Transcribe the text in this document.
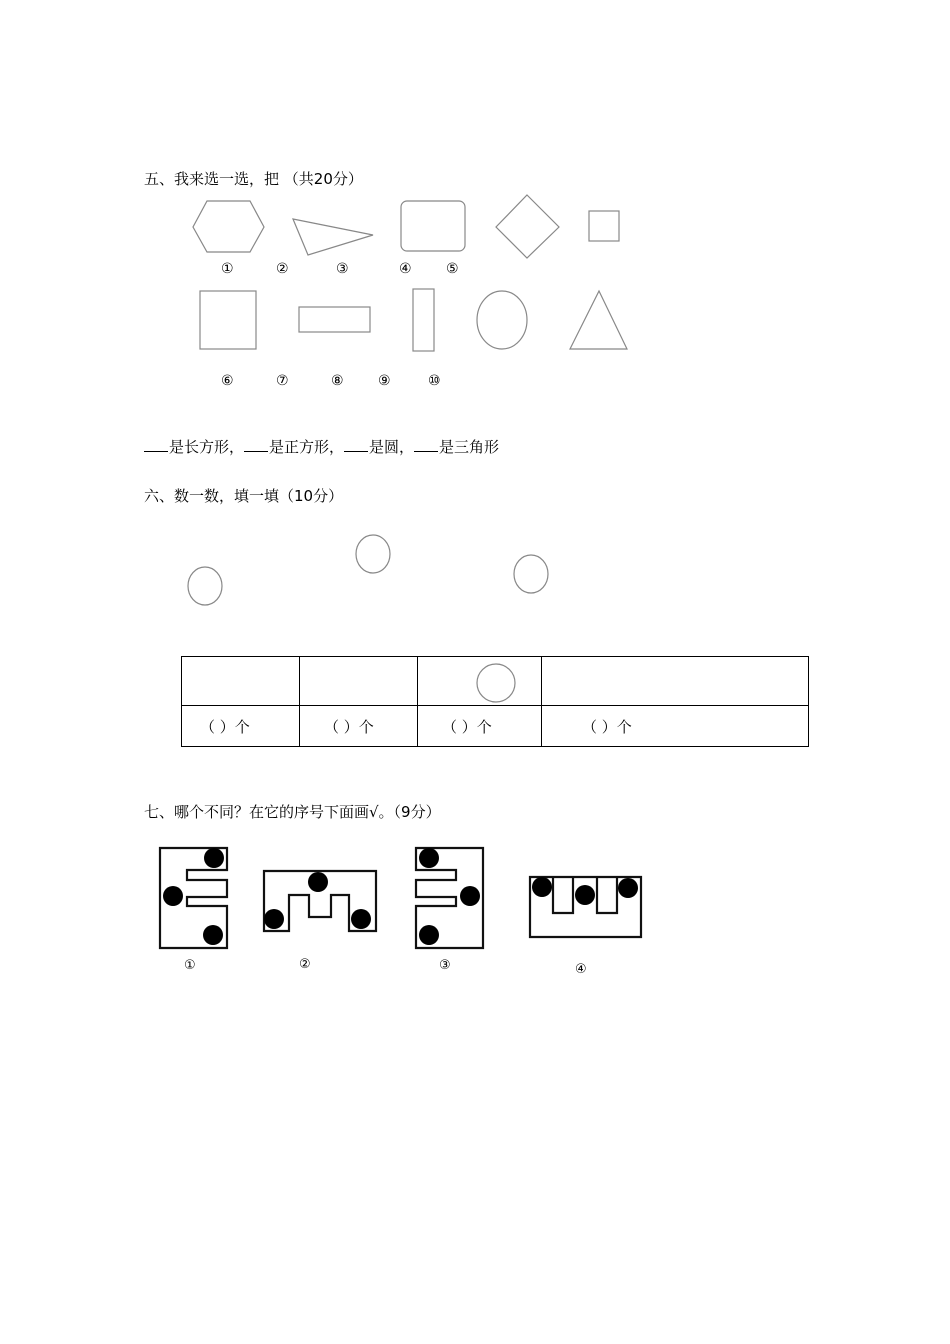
五、我来选一选，把 （共20分）
①	②	③	④ ⑤
⑥	⑦	⑧ ⑨	⑩
是长方形， 是正方形， 是圆， 是三角形
六、数一数，填一填（10分）

（ ）个	（ ）个	（ ）个	（ ）个
七、哪个不同？在它的序号下面画√。（9分）
①	②	③	④
